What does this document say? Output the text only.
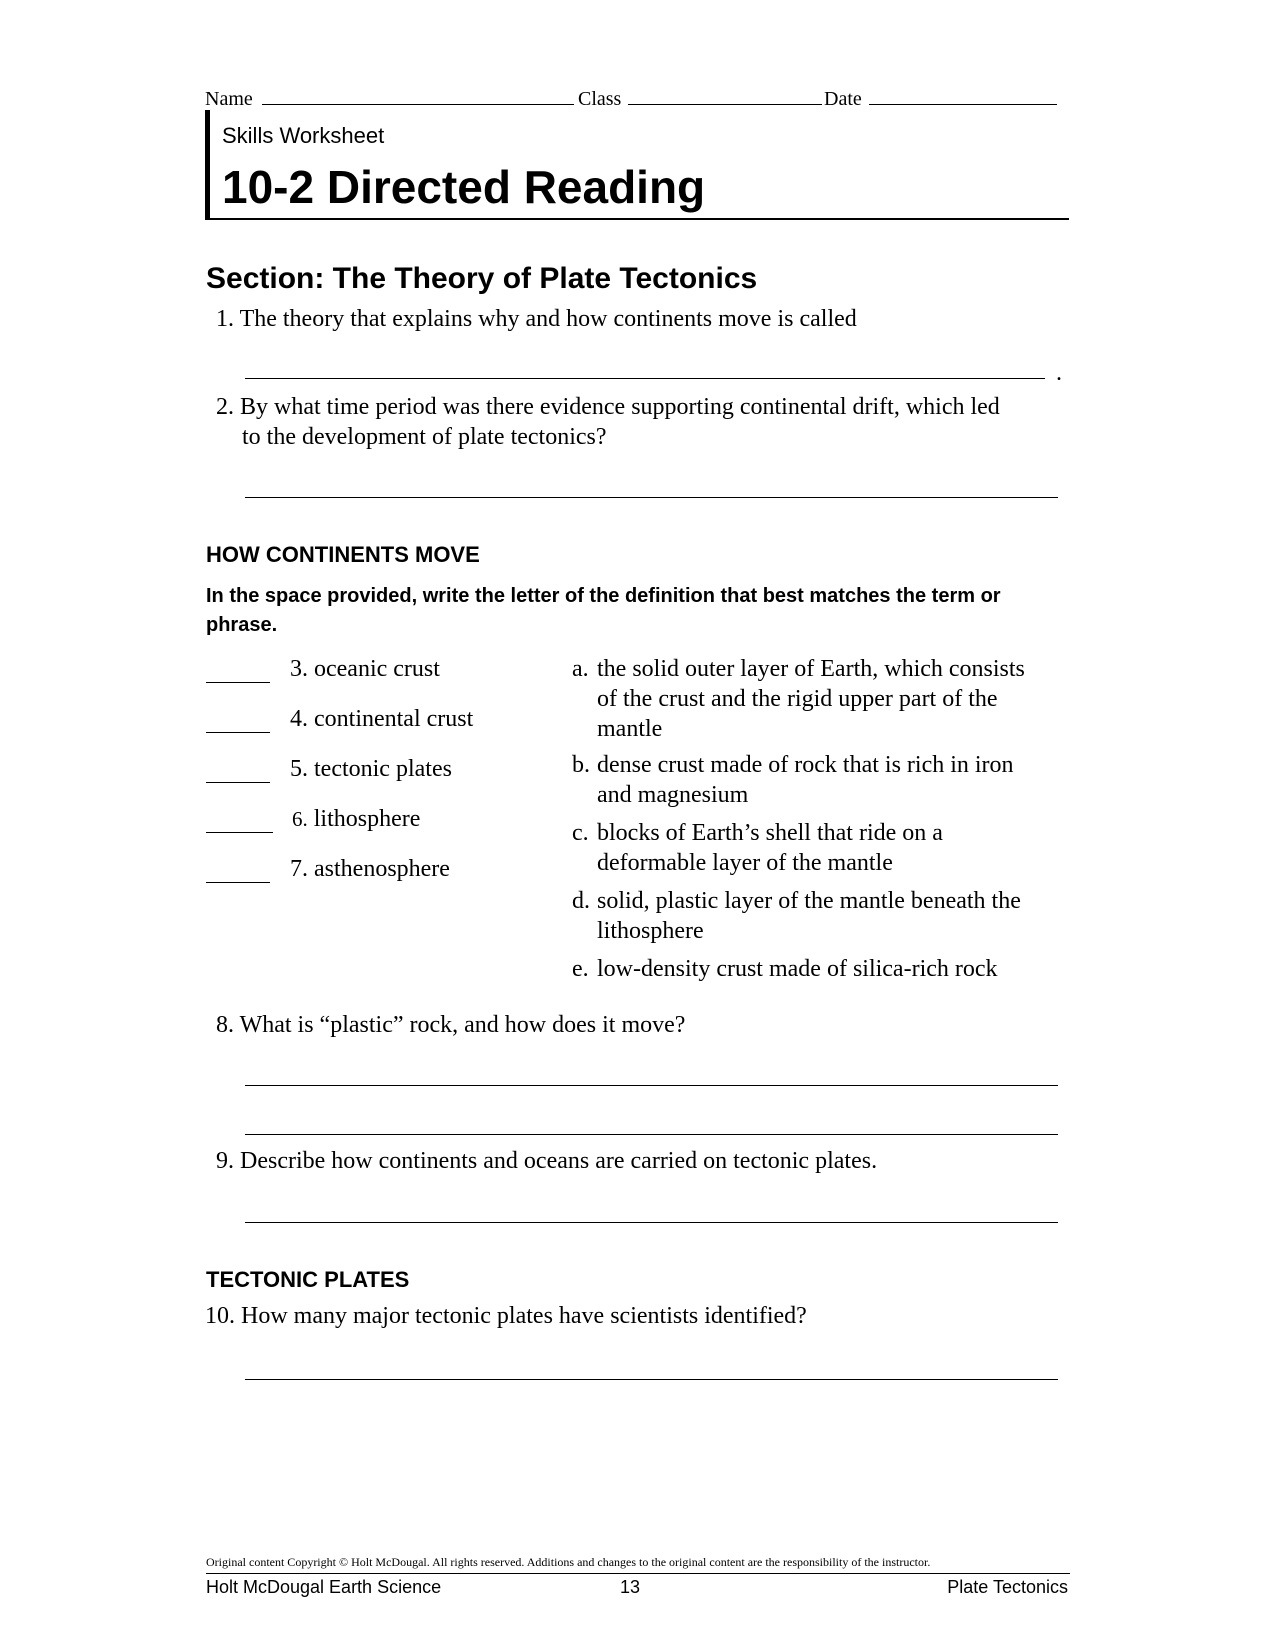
Name	Class	Date
Skills Worksheet
10-2 Directed Reading
Section: The Theory of Plate Tectonics
1. The theory that explains why and how continents move is called
.
2. By what time period was there evidence supporting continental drift, which led
to the development of plate tectonics?
HOW CONTINENTS MOVE
In the space provided, write the letter of the definition that best matches the term or phrase.
3. oceanic crust
4. continental crust
5. tectonic plates
6. lithosphere
7. asthenosphere
a. the solid outer layer of Earth, which consists of the crust and the rigid upper part of the mantle
b. dense crust made of rock that is rich in iron and magnesium
c. blocks of Earth’s shell that ride on a deformable layer of the mantle
d. solid, plastic layer of the mantle beneath the lithosphere
e. low-density crust made of silica-rich rock
8. What is “plastic” rock, and how does it move?
9. Describe how continents and oceans are carried on tectonic plates.
TECTONIC PLATES
10. How many major tectonic plates have scientists identified?
Original content Copyright © Holt McDougal. All rights reserved. Additions and changes to the original content are the responsibility of the instructor.
Holt McDougal Earth Science	13	Plate Tectonics
